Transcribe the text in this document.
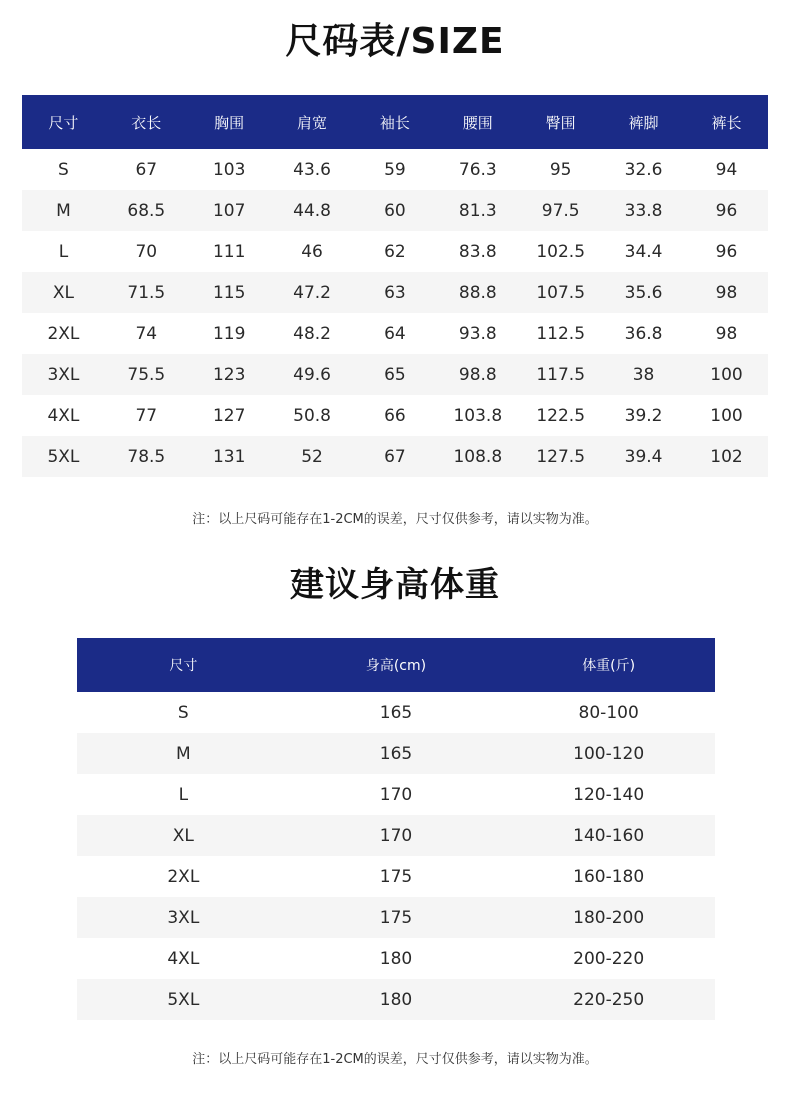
尺码表/SIZE
尺寸	衣长	胸围	肩宽	袖长	腰围	臀围	裤脚	裤长
S	67	103	43.6	59	76.3	95	32.6	94
M	68.5	107	44.8	60	81.3	97.5	33.8	96
L	70	111	46	62	83.8	102.5	34.4	96
XL	71.5	115	47.2	63	88.8	107.5	35.6	98
2XL	74	119	48.2	64	93.8	112.5	36.8	98
3XL	75.5	123	49.6	65	98.8	117.5	38	100
4XL	77	127	50.8	66	103.8	122.5	39.2	100
5XL	78.5	131	52	67	108.8	127.5	39.4	102
注：以上尺码可能存在1-2CM的误差，尺寸仅供参考，请以实物为准。
建议身高体重
尺寸	身高(cm)	体重(斤)
S	165	80-100
M	165	100-120
L	170	120-140
XL	170	140-160
2XL	175	160-180
3XL	175	180-200
4XL	180	200-220
5XL	180	220-250
注：以上尺码可能存在1-2CM的误差，尺寸仅供参考，请以实物为准。
